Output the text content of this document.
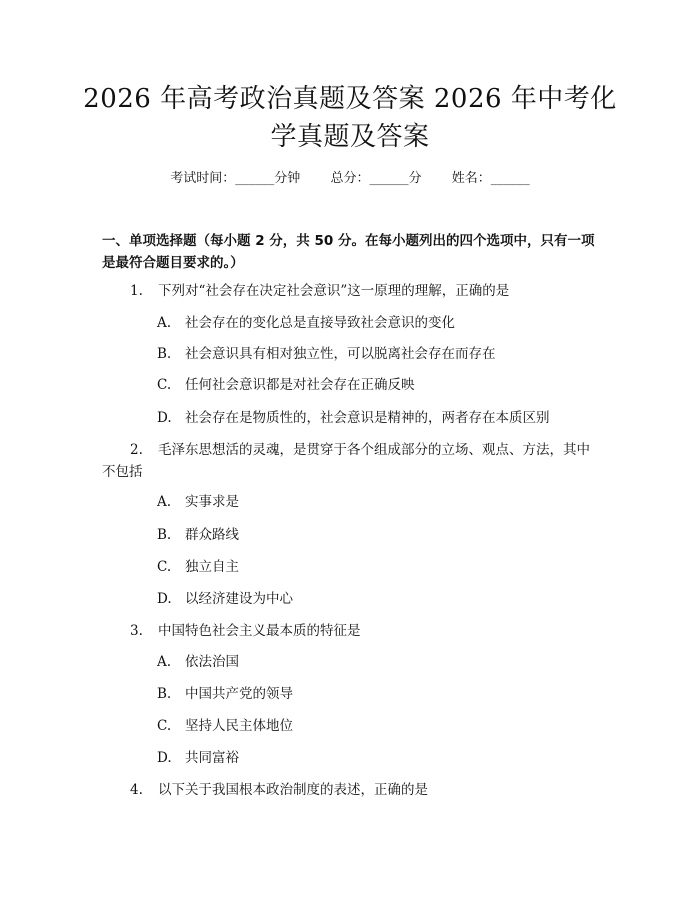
2026 年高考政治真题及答案 2026 年中考化
学真题及答案
考试时间：______分钟 总分：______分 姓名：______
一、单项选择题（每小题 2 分，共 50 分。在每小题列出的四个选项中，只有一项是最符合题目要求的。）
1. 下列对“社会存在决定社会意识”这一原理的理解，正确的是
A. 社会存在的变化总是直接导致社会意识的变化
B. 社会意识具有相对独立性，可以脱离社会存在而存在
C. 任何社会意识都是对社会存在正确反映
D. 社会存在是物质性的，社会意识是精神的，两者存在本质区别
2. 毛泽东思想活的灵魂，是贯穿于各个组成部分的立场、观点、方法，其中不包括
A. 实事求是
B. 群众路线
C. 独立自主
D. 以经济建设为中心
3. 中国特色社会主义最本质的特征是
A. 依法治国
B. 中国共产党的领导
C. 坚持人民主体地位
D. 共同富裕
4. 以下关于我国根本政治制度的表述，正确的是
